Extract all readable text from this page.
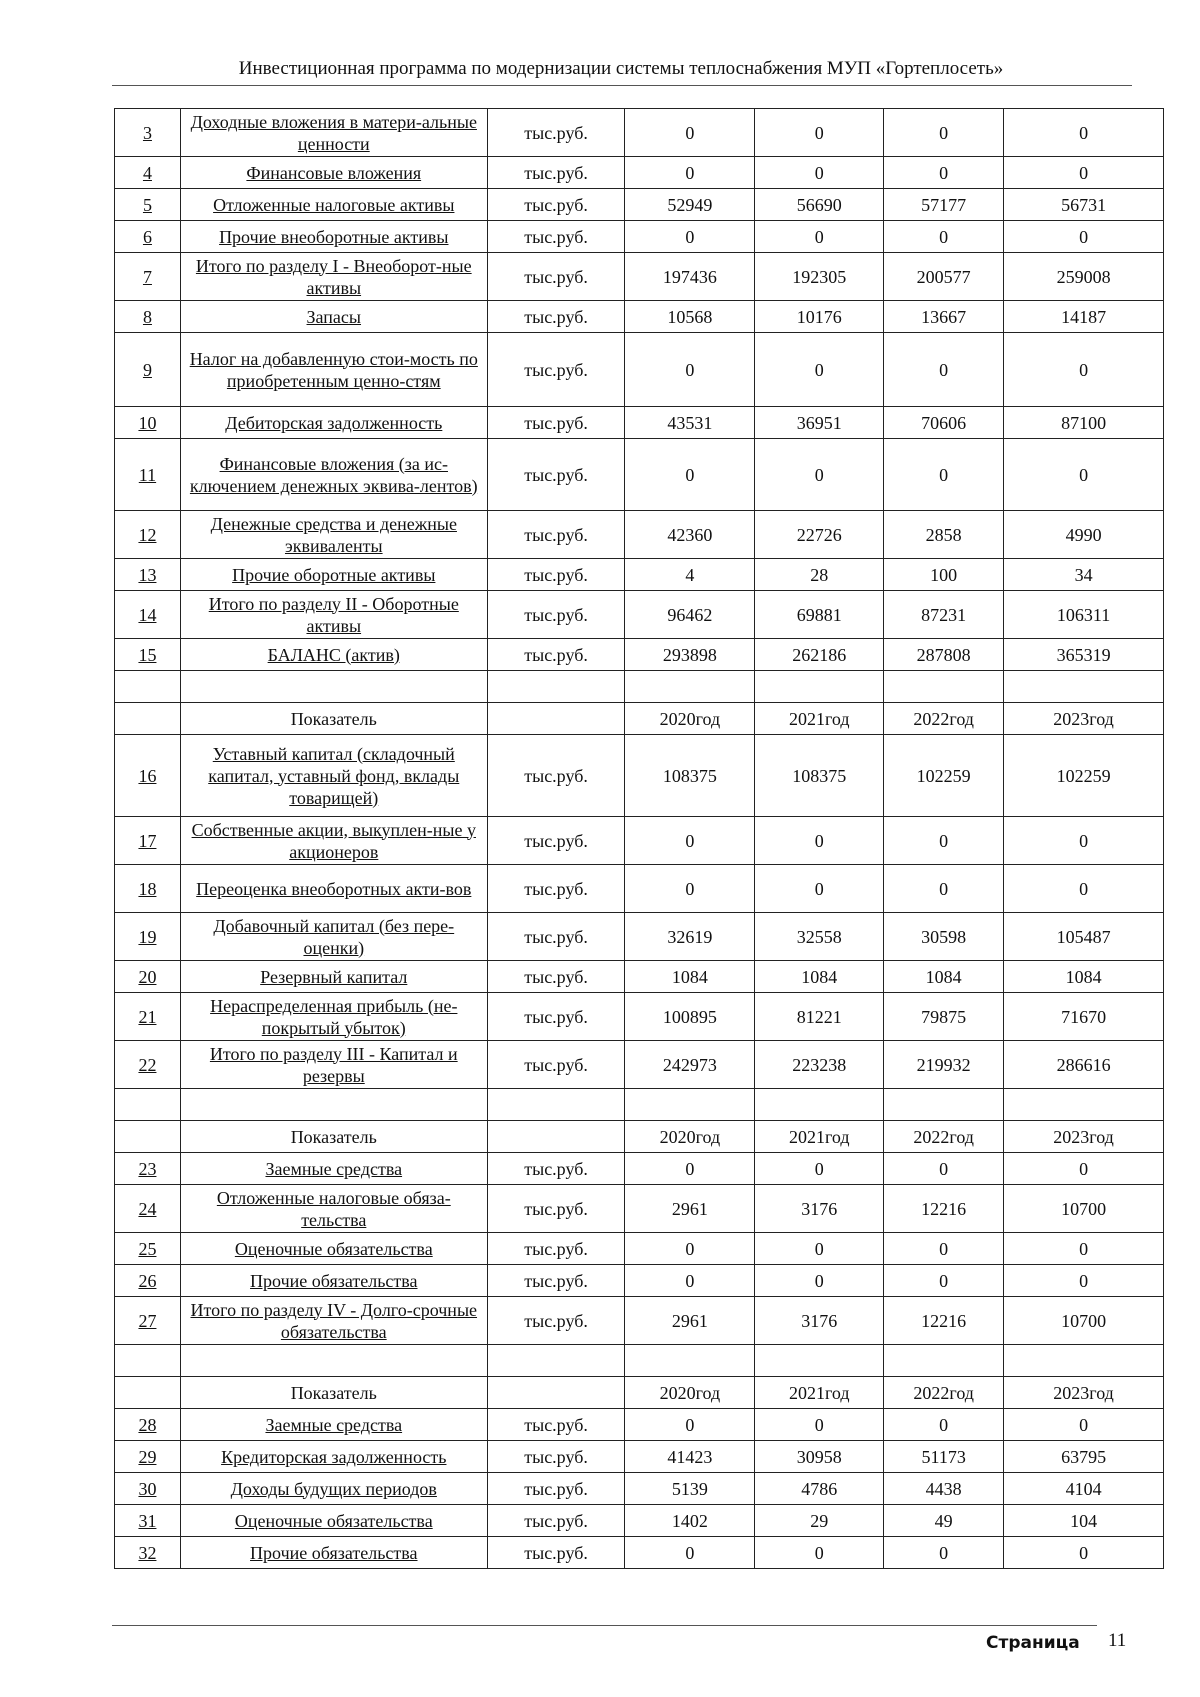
Инвестиционная программа по модернизации системы теплоснабжения МУП «Гортеплосеть»
3	Доходные вложения в матери-альные ценности	тыс.руб.	0	0	0	0
4	Финансовые вложения	тыс.руб.	0	0	0	0
5	Отложенные налоговые активы	тыс.руб.	52949	56690	57177	56731
6	Прочие внеоборотные активы	тыс.руб.	0	0	0	0
7	Итого по разделу I - Внеоборот-ные активы	тыс.руб.	197436	192305	200577	259008
8	Запасы	тыс.руб.	10568	10176	13667	14187
9	Налог на добавленную стои-мость по приобретенным ценно-стям	тыс.руб.	0	0	0	0
10	Дебиторская задолженность	тыс.руб.	43531	36951	70606	87100
11	Финансовые вложения (за ис-ключением денежных эквива-лентов)	тыс.руб.	0	0	0	0
12	Денежные средства и денежные эквиваленты	тыс.руб.	42360	22726	2858	4990
13	Прочие оборотные активы	тыс.руб.	4	28	100	34
14	Итого по разделу II - Оборотные активы	тыс.руб.	96462	69881	87231	106311
15	БАЛАНС (актив)	тыс.руб.	293898	262186	287808	365319

	Показатель		2020год	2021год	2022год	2023год
16	Уставный капитал (складочный капитал, уставный фонд, вклады товарищей)	тыс.руб.	108375	108375	102259	102259
17	Собственные акции, выкуплен-ные у акционеров	тыс.руб.	0	0	0	0
18	Переоценка внеоборотных акти-вов	тыс.руб.	0	0	0	0
19	Добавочный капитал (без пере-оценки)	тыс.руб.	32619	32558	30598	105487
20	Резервный капитал	тыс.руб.	1084	1084	1084	1084
21	Нераспределенная прибыль (не-покрытый убыток)	тыс.руб.	100895	81221	79875	71670
22	Итого по разделу III - Капитал и резервы	тыс.руб.	242973	223238	219932	286616

	Показатель		2020год	2021год	2022год	2023год
23	Заемные средства	тыс.руб.	0	0	0	0
24	Отложенные налоговые обяза-тельства	тыс.руб.	2961	3176	12216	10700
25	Оценочные обязательства	тыс.руб.	0	0	0	0
26	Прочие обязательства	тыс.руб.	0	0	0	0
27	Итого по разделу IV - Долго-срочные обязательства	тыс.руб.	2961	3176	12216	10700

	Показатель		2020год	2021год	2022год	2023год
28	Заемные средства	тыс.руб.	0	0	0	0
29	Кредиторская задолженность	тыс.руб.	41423	30958	51173	63795
30	Доходы будущих периодов	тыс.руб.	5139	4786	4438	4104
31	Оценочные обязательства	тыс.руб.	1402	29	49	104
32	Прочие обязательства	тыс.руб.	0	0	0	0
Страница 11
